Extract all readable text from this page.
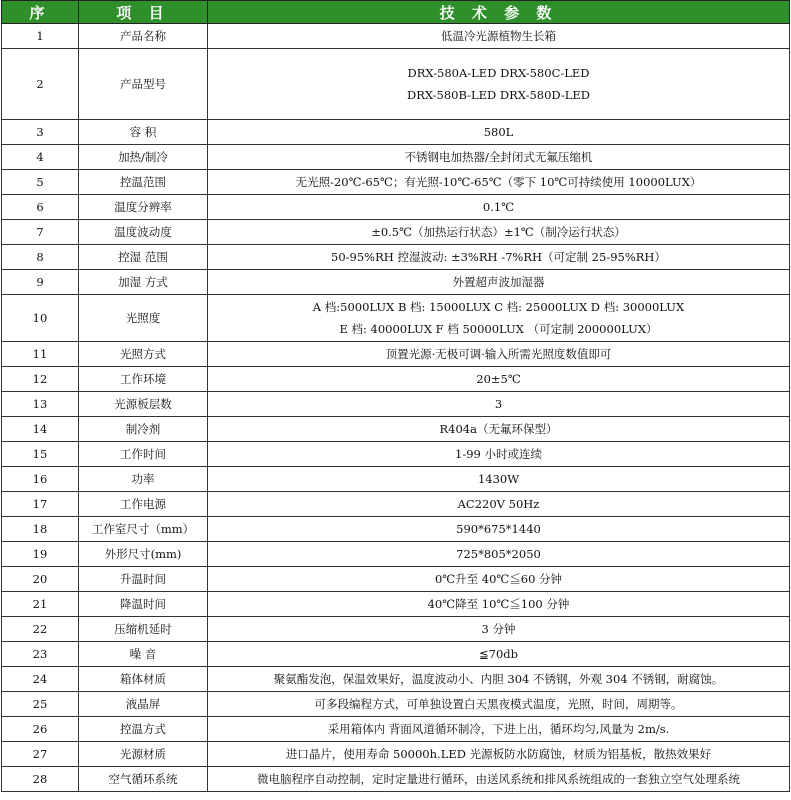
序	项 目	技 术 参 数
1	产品名称	低温冷光源植物生长箱
2	产品型号	DRX-580A-LED DRX-580C-LED
DRX-580B-LED DRX-580D-LED

3	容 积	580L
4	加热/制冷	不锈钢电加热器/全封闭式无氟压缩机
5	控温范围	无光照-20℃-65℃；有光照-10℃-65℃（零下 10℃可持续使用 10000LUX）
6	温度分辨率	0.1℃
7	温度波动度	±0.5℃（加热运行状态）±1℃（制冷运行状态）
8	控湿 范围	50-95%RH 控湿波动: ±3%RH -7%RH（可定制 25-95%RH）
9	加湿 方式	外置超声波加湿器
10	光照度	A 档:5000LUX B 档: 15000LUX C 档: 25000LUX D 档: 30000LUX
E 档: 40000LUX F 档 50000LUX （可定制 200000LUX）

11	光照方式	顶置光源·无极可调·输入所需光照度数值即可
12	工作环境	20±5℃
13	光源板层数	3
14	制冷剂	R404a（无氟环保型）
15	工作时间	1-99 小时或连续
16	功率	1430W
17	工作电源	AC220V 50Hz
18	工作室尺寸（mm）	590*675*1440
19	外形尺寸(mm)	725*805*2050
20	升温时间	0℃升至 40℃≦60 分钟
21	降温时间	40℃降至 10℃≦100 分钟
22	压缩机延时	3 分钟
23	噪 音	≦70db
24	箱体材质	聚氨酯发泡，保温效果好，温度波动小、内胆 304 不锈钢，外观 304 不锈钢，耐腐蚀。
25	液晶屏	可多段编程方式，可单独设置白天黑夜模式温度，光照，时间，周期等。
26	控温方式	采用箱体内 背面风道循环制冷，下进上出，循环均匀,风量为 2m/s.
27	光源材质	进口晶片，使用寿命 50000h.LED 光源板防水防腐蚀，材质为铝基板，散热效果好
28	空气循环系统	微电脑程序自动控制，定时定量进行循环，由送风系统和排风系统组成的一套独立空气处理系统
